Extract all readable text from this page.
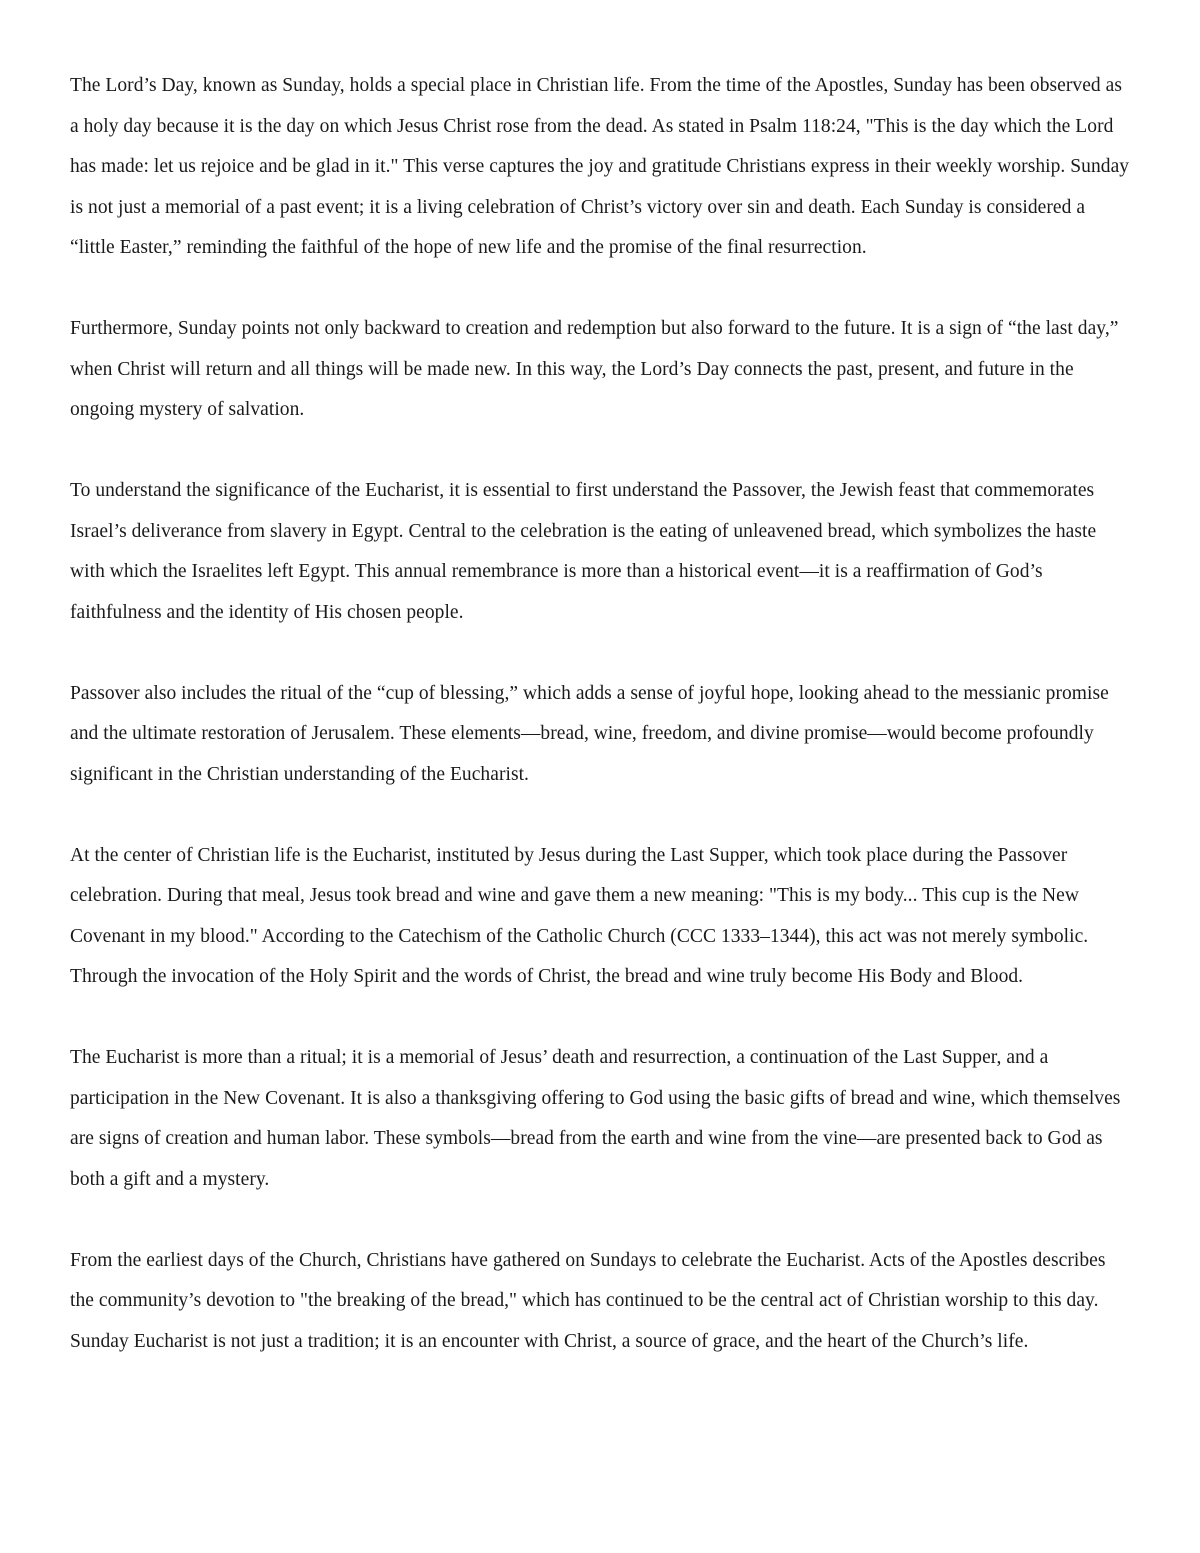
The Lord’s Day, known as Sunday, holds a special place in Christian life. From the time of the Apostles, Sunday has been observed as a holy day because it is the day on which Jesus Christ rose from the dead. As stated in Psalm 118:24, "This is the day which the Lord has made: let us rejoice and be glad in it." This verse captures the joy and gratitude Christians express in their weekly worship. Sunday is not just a memorial of a past event; it is a living celebration of Christ’s victory over sin and death. Each Sunday is considered a “little Easter,” reminding the faithful of the hope of new life and the promise of the final resurrection.

Furthermore, Sunday points not only backward to creation and redemption but also forward to the future. It is a sign of “the last day,” when Christ will return and all things will be made new. In this way, the Lord’s Day connects the past, present, and future in the ongoing mystery of salvation.

To understand the significance of the Eucharist, it is essential to first understand the Passover, the Jewish feast that commemorates Israel’s deliverance from slavery in Egypt. Central to the celebration is the eating of unleavened bread, which symbolizes the haste with which the Israelites left Egypt. This annual remembrance is more than a historical event—it is a reaffirmation of God’s faithfulness and the identity of His chosen people.

Passover also includes the ritual of the “cup of blessing,” which adds a sense of joyful hope, looking ahead to the messianic promise and the ultimate restoration of Jerusalem. These elements—bread, wine, freedom, and divine promise—would become profoundly significant in the Christian understanding of the Eucharist.

At the center of Christian life is the Eucharist, instituted by Jesus during the Last Supper, which took place during the Passover celebration. During that meal, Jesus took bread and wine and gave them a new meaning: "This is my body... This cup is the New Covenant in my blood." According to the Catechism of the Catholic Church (CCC 1333–1344), this act was not merely symbolic. Through the invocation of the Holy Spirit and the words of Christ, the bread and wine truly become His Body and Blood.

The Eucharist is more than a ritual; it is a memorial of Jesus’ death and resurrection, a continuation of the Last Supper, and a participation in the New Covenant. It is also a thanksgiving offering to God using the basic gifts of bread and wine, which themselves are signs of creation and human labor. These symbols—bread from the earth and wine from the vine—are presented back to God as both a gift and a mystery.

From the earliest days of the Church, Christians have gathered on Sundays to celebrate the Eucharist. Acts of the Apostles describes the community’s devotion to "the breaking of the bread," which has continued to be the central act of Christian worship to this day. Sunday Eucharist is not just a tradition; it is an encounter with Christ, a source of grace, and the heart of the Church’s life.
